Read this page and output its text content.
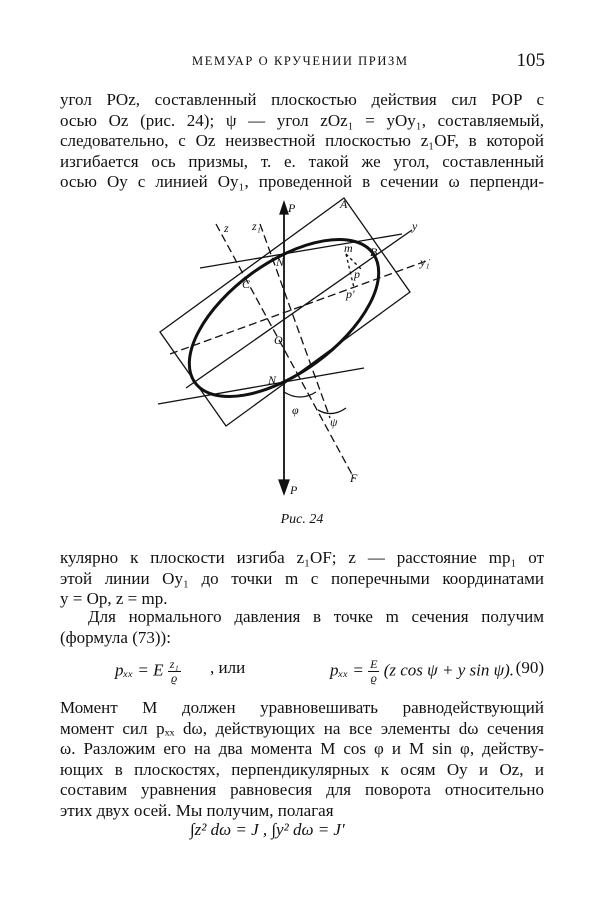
МЕМУАР О КРУЧЕНИИ ПРИЗМ	105
угол POz, составленный плоскостью действия сил POP с
осью Oz (рис. 24); ψ — угол zOz₁ = yOy₁, составляемый,
следовательно, с Oz неизвестной плоскостью z₁OF, в которой
изгибается ось призмы, т. е. такой же угол, составленный
осью Oy с линией Oy₁, проведенной в сечении ω перпенди-
P
P
A
B
C
O
N
N
m
p
p'
z z₁	y
y₁
F
φ
ψ
Рис. 24
кулярно к плоскости изгиба z₁OF; z — расстояние mp₁ от
этой линии Oy₁ до точки m с поперечными координатами
y = Op, z = mp.
Для нормального давления в точке m сечения получим
(формула (73)):
pₓₓ = E $\frac{\text{z₁}}{ϱ}$ , или	$p_{xx} = \frac{E}{ϱ} (z$ cos ψ + y sin ψ). (90)
Момент M должен уравновешивать равнодействующий
момент сил pₓₓ dω, действующих на все элементы dω сечения
ω. Разложим его на два момента M cos φ и M sin φ, действу-
ющих в плоскостях, перпендикулярных к осям Oy и Oz, и
составим уравнения равновесия для поворота относительно
этих двух осей. Мы получим, полагая
∫z² dω = J , ∫y² dω = J′
